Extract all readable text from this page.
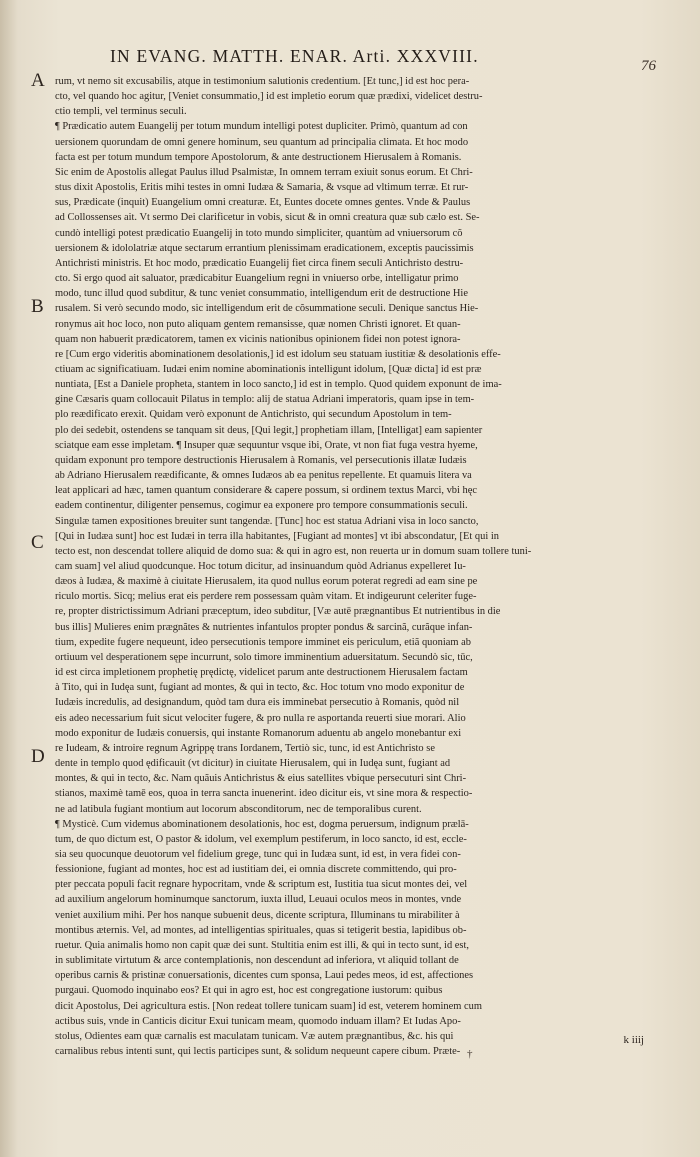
IN EVANG. MATTH. ENAR. Arti. XXXVIII.	76
A
B
C
D
rum, vt nemo sit excusabilis, atque in testimonium salutionis credentium. [Et tunc,] id est hoc pera-
cto, vel quando hoc agitur, [Veniet consummatio,] id est impletio eorum quæ prædixi, videlicet destru-
ctio templi, vel terminus seculi.
¶ Prædicatio autem Euangelij per totum mundum intelligi potest dupliciter. Primò, quantum ad con
uersionem quorundam de omni genere hominum, seu quantum ad principalia climata. Et hoc modo
facta est per totum mundum tempore Apostolorum, & ante destructionem Hierusalem à Romanis.
Sic enim de Apostolis allegat Paulus illud Psalmistæ, In omnem terram exiuit sonus eorum. Et Chri-
stus dixit Apostolis, Eritis mihi testes in omni Iudæa & Samaria, & vsque ad vltimum terræ. Et rur-
sus, Prædicate (inquit) Euangelium omni creaturæ. Et, Euntes docete omnes gentes. Vnde & Paulus
ad Collossenses ait. Vt sermo Dei clarificetur in vobis, sicut & in omni creatura quæ sub cælo est. Se-
cundò intelligi potest prædicatio Euangelij in toto mundo simpliciter, quantùm ad vniuersorum cõ
uersionem & idololatriæ atque sectarum errantium plenissimam eradicationem, exceptis paucissimis
Antichristi ministris. Et hoc modo, prædicatio Euangelij fiet circa finem seculi Antichristo destru-
cto. Si ergo quod ait saluator, prædicabitur Euangelium regni in vniuerso orbe, intelligatur primo
modo, tunc illud quod subditur, & tunc veniet consummatio, intelligendum erit de destructione Hie
rusalem. Si verò secundo modo, sic intelligendum erit de cõsummatione seculi. Denique sanctus Hie-
ronymus ait hoc loco, non puto aliquam gentem remansisse, quæ nomen Christi ignoret. Et quan-
quam non habuerit prædicatorem, tamen ex vicinis nationibus opinionem fidei non potest ignora-
re [Cum ergo videritis abominationem desolationis,] id est idolum seu statuam iustitiæ & desolationis effe-
ctiuam ac significatiuam. Iudæi enim nomine abominationis intelligunt idolum, [Quæ dicta] id est præ
nuntiata, [Est a Daniele propheta, stantem in loco sancto,] id est in templo. Quod quidem exponunt de ima-
gine Cæsaris quam collocauit Pilatus in templo: alij de statua Adriani imperatoris, quam ipse in tem-
plo reædificato erexit. Quidam verò exponunt de Antichristo, qui secundum Apostolum in tem-
plo dei sedebit, ostendens se tanquam sit deus, [Qui legit,] prophetiam illam, [Intelligat] eam sapienter
sciatque eam esse impletam. ¶ Insuper quæ sequuntur vsque ibi, Orate, vt non fiat fuga vestra hyeme,
quidam exponunt pro tempore destructionis Hierusalem à Romanis, vel persecutionis illatæ Iudæis
ab Adriano Hierusalem reædificante, & omnes Iudæos ab ea penitus repellente. Et quamuis litera va
leat applicari ad hæc, tamen quantum considerare & capere possum, si ordinem textus Marci, vbi hęc
eadem continentur, diligenter pensemus, cogimur ea exponere pro tempore consummationis seculi.
Singulæ tamen expositiones breuiter sunt tangendæ. [Tunc] hoc est statua Adriani visa in loco sancto,
[Qui in Iudæa sunt] hoc est Iudæi in terra illa habitantes, [Fugiant ad montes] vt ibi abscondatur, [Et qui in
tecto est, non descendat tollere aliquid de domo sua: & qui in agro est, non reuerta ur in domum suam tollere tuni-
cam suam] vel aliud quodcunque. Hoc totum dicitur, ad insinuandum quòd Adrianus expelleret Iu-
dæos à Iudæa, & maximè à ciuitate Hierusalem, ita quod nullus eorum poterat regredi ad eam sine pe
riculo mortis. Sicq; melius erat eis perdere rem possessam quàm vitam. Et indigeurunt celeriter fuge-
re, propter districtissimum Adriani præceptum, ideo subditur, [Væ autē prægnantibus Et nutrientibus in die
bus illis] Mulieres enim prægnãtes & nutrientes infantulos propter pondus & sarcinã, curãque infan-
tium, expedite fugere nequeunt, ideo persecutionis tempore imminet eis periculum, etiã quoniam ab
ortiuum vel desperationem sępe incurrunt, solo timore imminentium aduersitatum. Secundò sic, tūc,
id est circa impletionem prophetię prędictę, videlicet parum ante destructionem Hierusalem factam
à Tito, qui in Iudęa sunt, fugiant ad montes, & qui in tecto, &c. Hoc totum vno modo exponitur de
Iudæis incredulis, ad designandum, quòd tam dura eis imminebat persecutio à Romanis, quòd nil
eis adeo necessarium fuit sicut velociter fugere, & pro nulla re asportanda reuerti siue morari. Alio
modo exponitur de Iudæis conuersis, qui instante Romanorum aduentu ab angelo monebantur exi
re Iudeam, & introire regnum Agrippę trans Iordanem, Tertiò sic, tunc, id est Antichristo se
dente in templo quod ędificauit (vt dicitur) in ciuitate Hierusalem, qui in Iudęa sunt, fugiant ad
montes, & qui in tecto, &c. Nam quãuis Antichristus & eius satellites vbique persecuturi sint Chri-
stianos, maximè tamē eos, quoa in terra sancta inuenerint. ideo dicitur eis, vt sine mora & respectio-
ne ad latibula fugiant montium aut locorum absconditorum, nec de temporalibus curent.
¶ Mysticè. Cum videmus abominationem desolationis, hoc est, dogma peruersum, indignum prælā-
tum, de quo dictum est, O pastor & idolum, vel exemplum pestiferum, in loco sancto, id est, eccle-
sia seu quocunque deuotorum vel fidelium grege, tunc qui in Iudæa sunt, id est, in vera fidei con-
fessionione, fugiant ad montes, hoc est ad iustitiam dei, ei omnia discrete committendo, qui pro-
pter peccata populi facit regnare hypocritam, vnde & scriptum est, Iustitia tua sicut montes dei, vel
ad auxilium angelorum hominumque sanctorum, iuxta illud, Leuaui oculos meos in montes, vnde
veniet auxilium mihi. Per hos nanque subuenit deus, dicente scriptura, Illuminans tu mirabiliter à
montibus æternis. Vel, ad montes, ad intelligentias spirituales, quas si tetigerit bestia, lapidibus ob-
ruetur. Quia animalis homo non capit quæ dei sunt. Stultitia enim est illi, & qui in tecto sunt, id est,
in sublimitate virtutum & arce contemplationis, non descendunt ad inferiora, vt aliquid tollant de
operibus carnis & pristinæ conuersationis, dicentes cum sponsa, Laui pedes meos, id est, affectiones
purgaui. Quomodo inquinabo eos? Et qui in agro est, hoc est congregatione iustorum: quibus
dicit Apostolus, Dei agricultura estis. [Non redeat tollere tunicam suam] id est, veterem hominem cum
actibus suis, vnde in Canticis dicitur Exui tunicam meam, quomodo induam illam? Et Iudas Apo-
stolus, Odientes eam quæ carnalis est maculatam tunicam. Væ autem prægnantibus, &c. his qui
carnalibus rebus intenti sunt, qui lectis participes sunt, & solidum nequeunt capere cibum. Præte-
k iiij
†
